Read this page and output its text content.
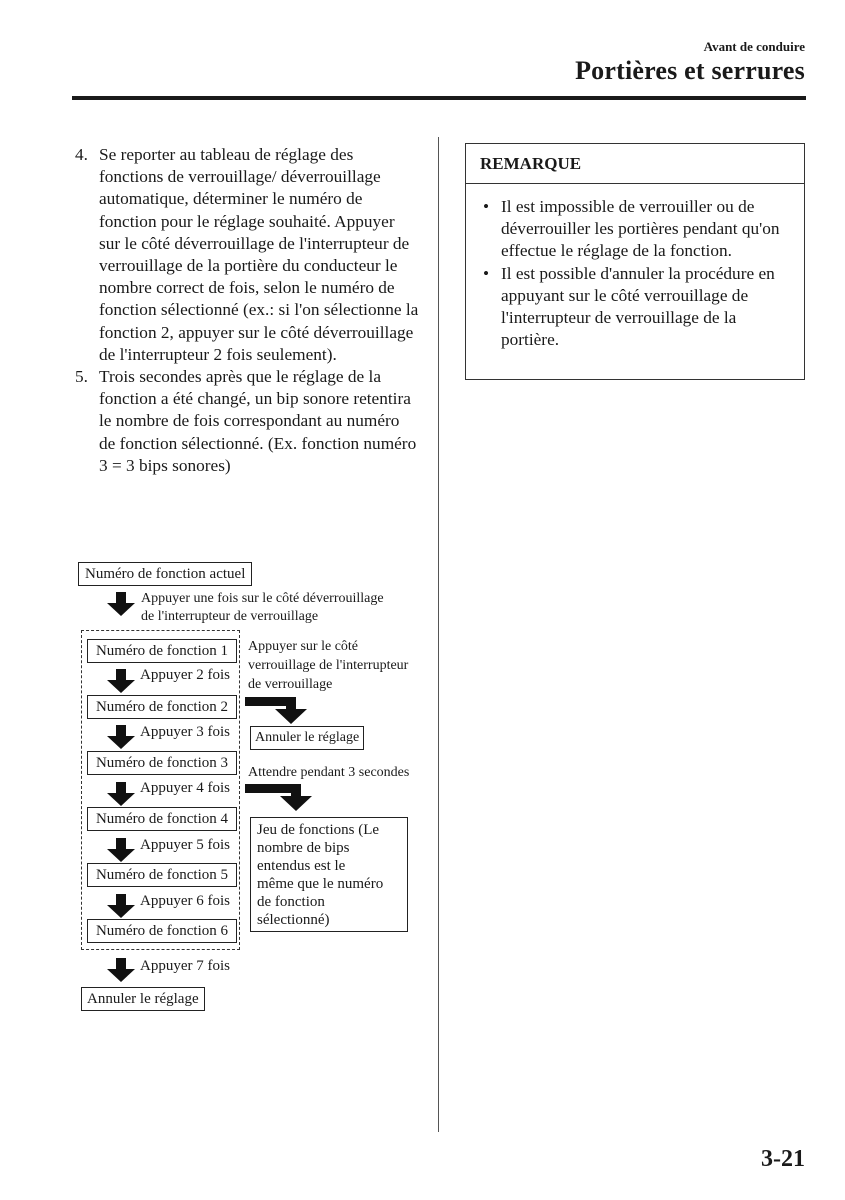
Avant de conduire
Portières et serrures
4. Se reporter au tableau de réglage des fonctions de verrouillage/ déverrouillage automatique, déterminer le numéro de fonction pour le réglage souhaité. Appuyer sur le côté déverrouillage de l'interrupteur de verrouillage de la portière du conducteur le nombre correct de fois, selon le numéro de fonction sélectionné (ex.: si l'on sélectionne la fonction 2, appuyer sur le côté déverrouillage de l'interrupteur 2 fois seulement).
5. Trois secondes après que le réglage de la fonction a été changé, un bip sonore retentira le nombre de fois correspondant au numéro de fonction sélectionné. (Ex. fonction numéro 3 = 3 bips sonores)
REMARQUE
• Il est impossible de verrouiller ou de déverrouiller les portières pendant qu'on effectue le réglage de la fonction.
• Il est possible d'annuler la procédure en appuyant sur le côté verrouillage de l'interrupteur de verrouillage de la portière.
Numéro de fonction actuel
Appuyer une fois sur le côté déverrouillage
de l'interrupteur de verrouillage
Numéro de fonction 1
Appuyer 2 fois
Numéro de fonction 2
Appuyer 3 fois
Numéro de fonction 3
Appuyer 4 fois
Numéro de fonction 4
Appuyer 5 fois
Numéro de fonction 5
Appuyer 6 fois
Numéro de fonction 6
Appuyer 7 fois
Annuler le réglage
Appuyer sur le côté
verrouillage de l'interrupteur
de verrouillage
Annuler le réglage
Attendre pendant 3 secondes
Jeu de fonctions (Le
nombre de bips
entendus est le
même que le numéro
de fonction
sélectionné)
3-21
